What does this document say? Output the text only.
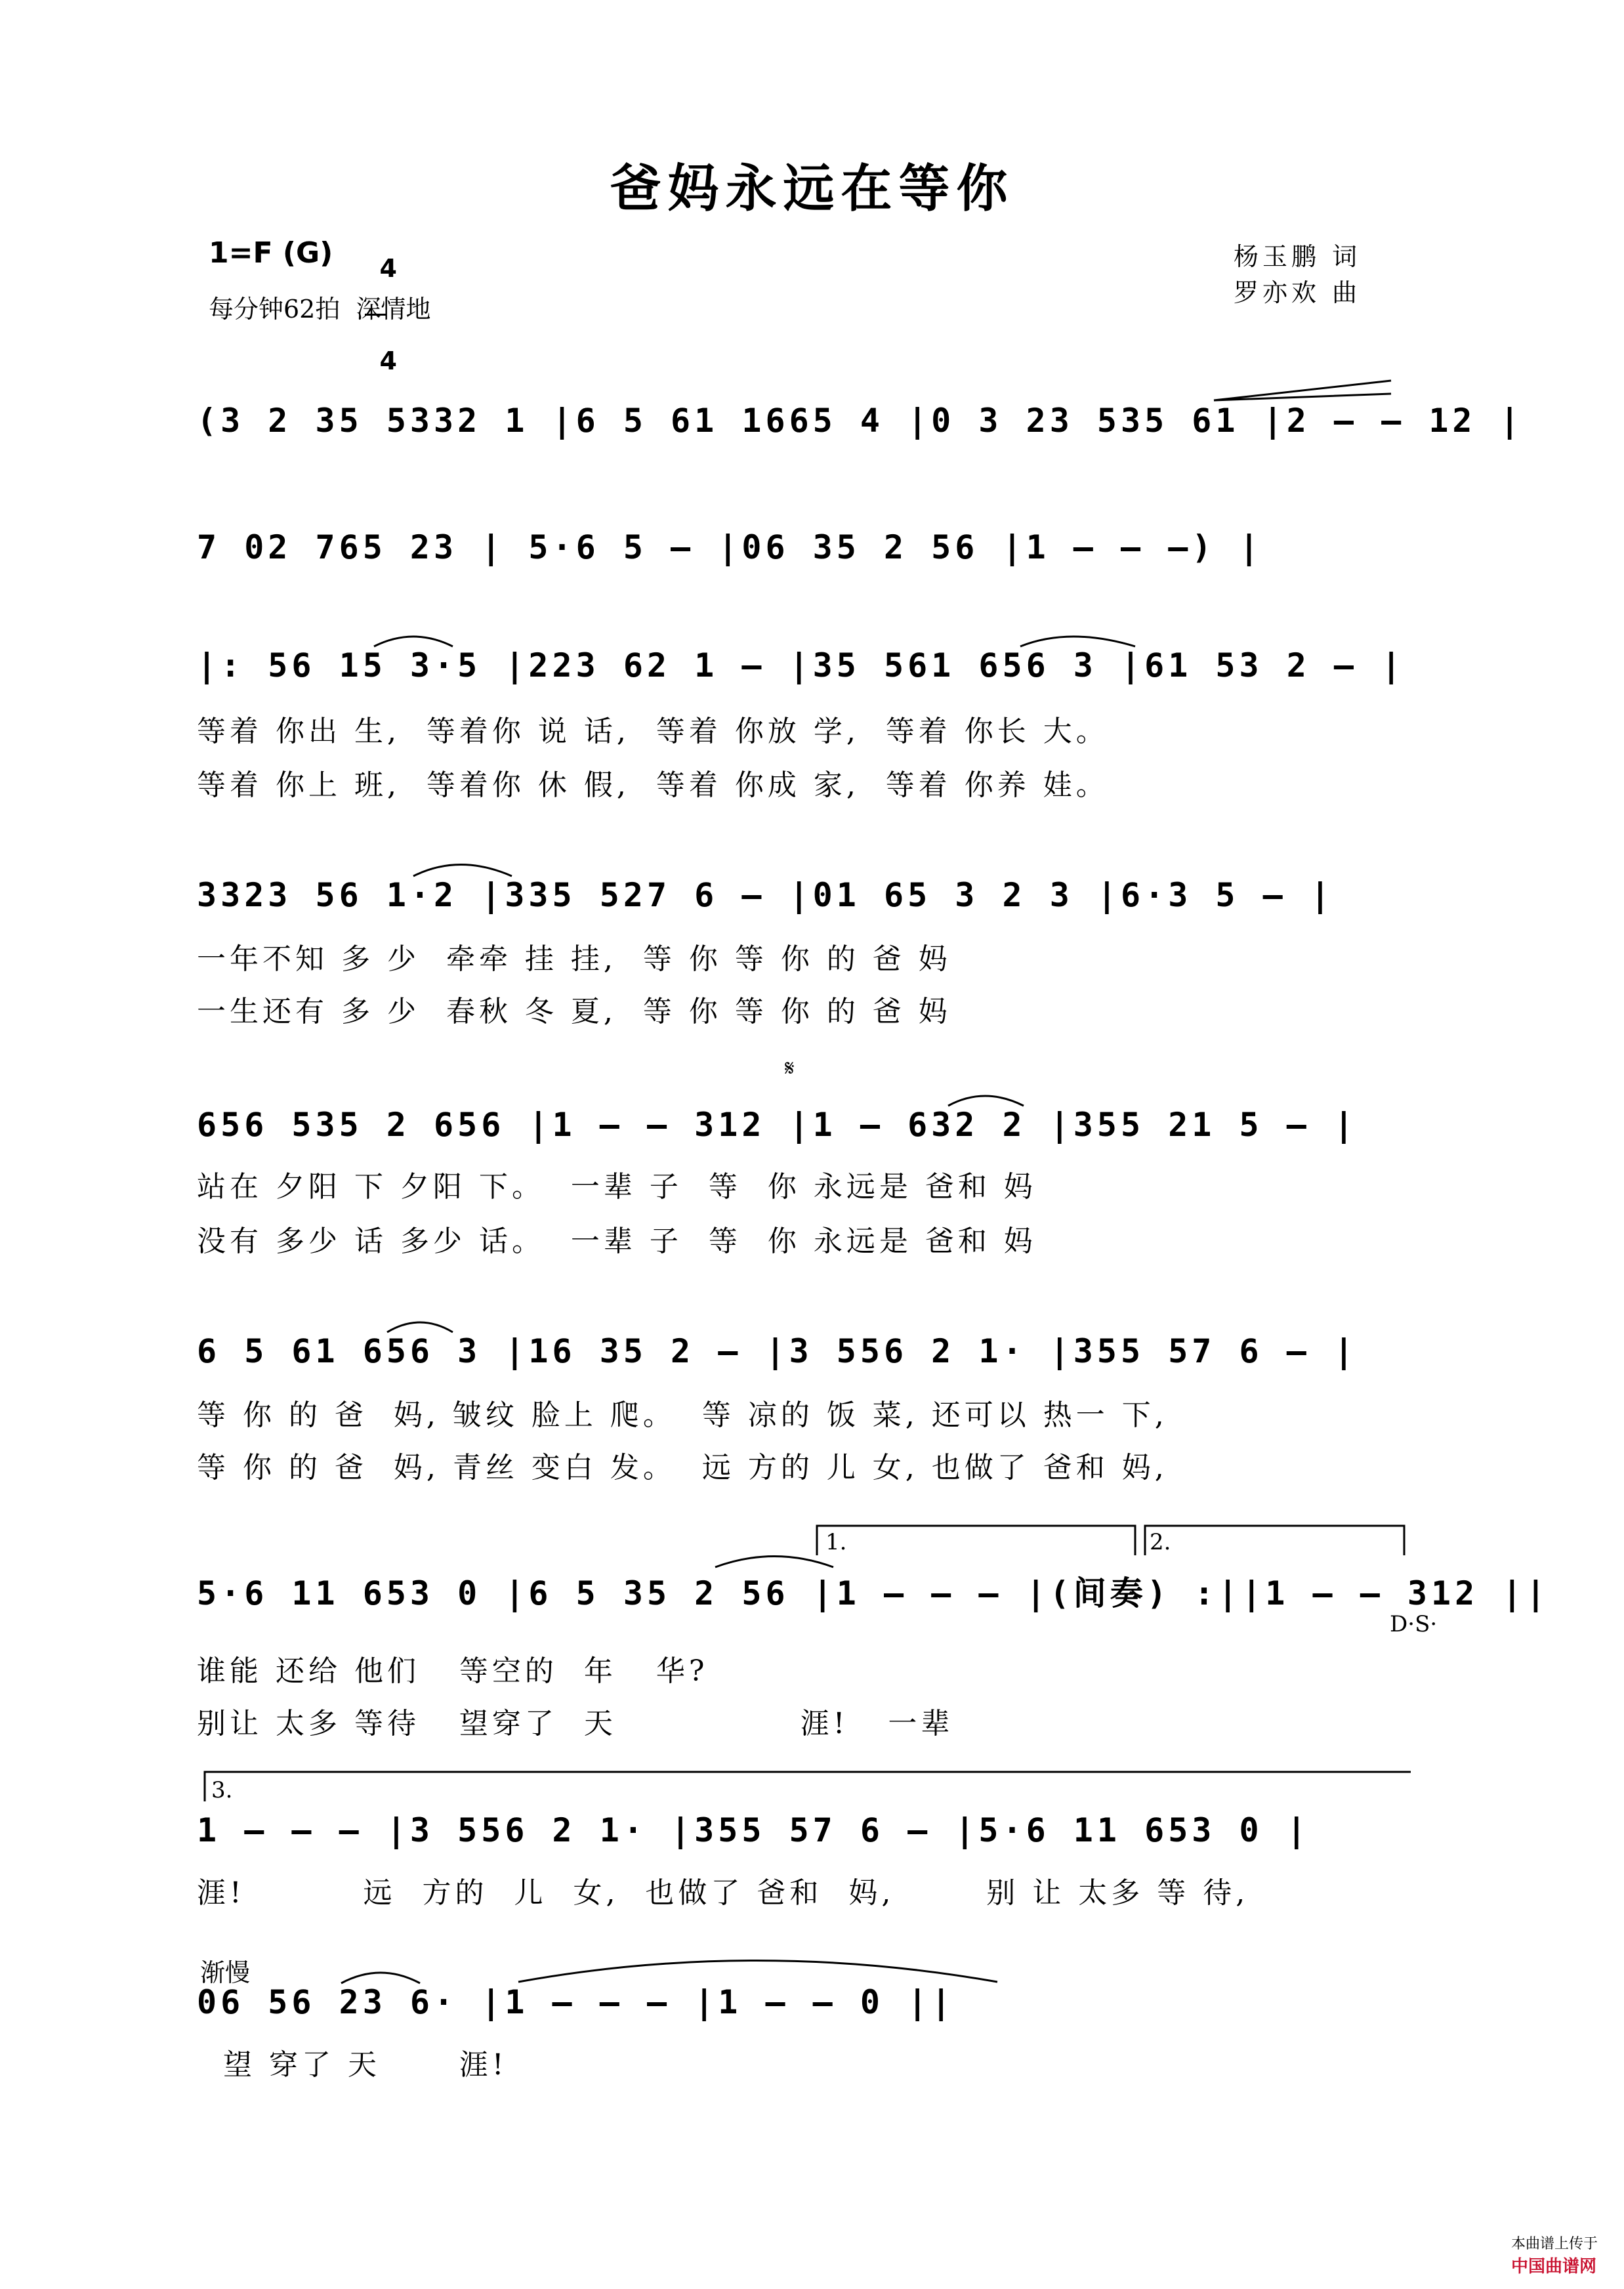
爸妈永远在等你
1=F (G)	4

4

每分钟62拍  深情地
杨玉鹏 词
罗亦欢 曲
(3 2 35 5332 1 |6 5 61 1665 4 |0 3 23 535 61 |2 — — 12 |
7 02 765 23 | 5·6 5 — |06 35 2 56 |1 — — —) |
|: 56 15 3·5 |223 62 1 — |35 561 656 3 |61 53 2 — |
等着 你出 生,  等着你 说 话,  等着 你放 学,  等着 你长 大。
等着 你上 班,  等着你 休 假,  等着 你成 家,  等着 你养 娃。
3323 56 1·2 |335 527 6 — |01 65 3 2 3 |6·3 5 — |
一年不知 多 少  牵牵 挂 挂,  等 你 等 你 的 爸 妈
一生还有 多 少  春秋 冬 夏,  等 你 等 你 的 爸 妈
𝄋
656 535 2 656 |1 — — 312 |1 — 632 2 |355 21 5 — |
站在 夕阳 下 夕阳 下。  一辈 子  等  你 永远是 爸和 妈
没有 多少 话 多少 话。  一辈 子  等  你 永远是 爸和 妈
6 5 61 656 3 |16 35 2 — |3 556 2 1· |355 57 6 — |
等 你 的 爸  妈, 皱纹 脸上 爬。  等 凉的 饭 菜, 还可以 热一 下,
等 你 的 爸  妈, 青丝 变白 发。  远 方的 儿 女, 也做了 爸和 妈,
1.	2.
5·6 11 653 0 |6 5 35 2 56 |1 — — — |(间奏) :||1 — — 312 ||
D·S·
谁能 还给 他们   等空的  年   华?
别让 太多 等待   望穿了  天              涯!   一辈
3.
1 — — — |3 556 2 1· |355 57 6 — |5·6 11 653 0 |
涯!         远  方的  儿  女,  也做了 爸和  妈,       别 让 太多 等 待,
渐慢
06 56 23 6· |1 — — — |1 — — 0 ||
望 穿了 天      涯!

本曲谱上传于
中国曲谱网
